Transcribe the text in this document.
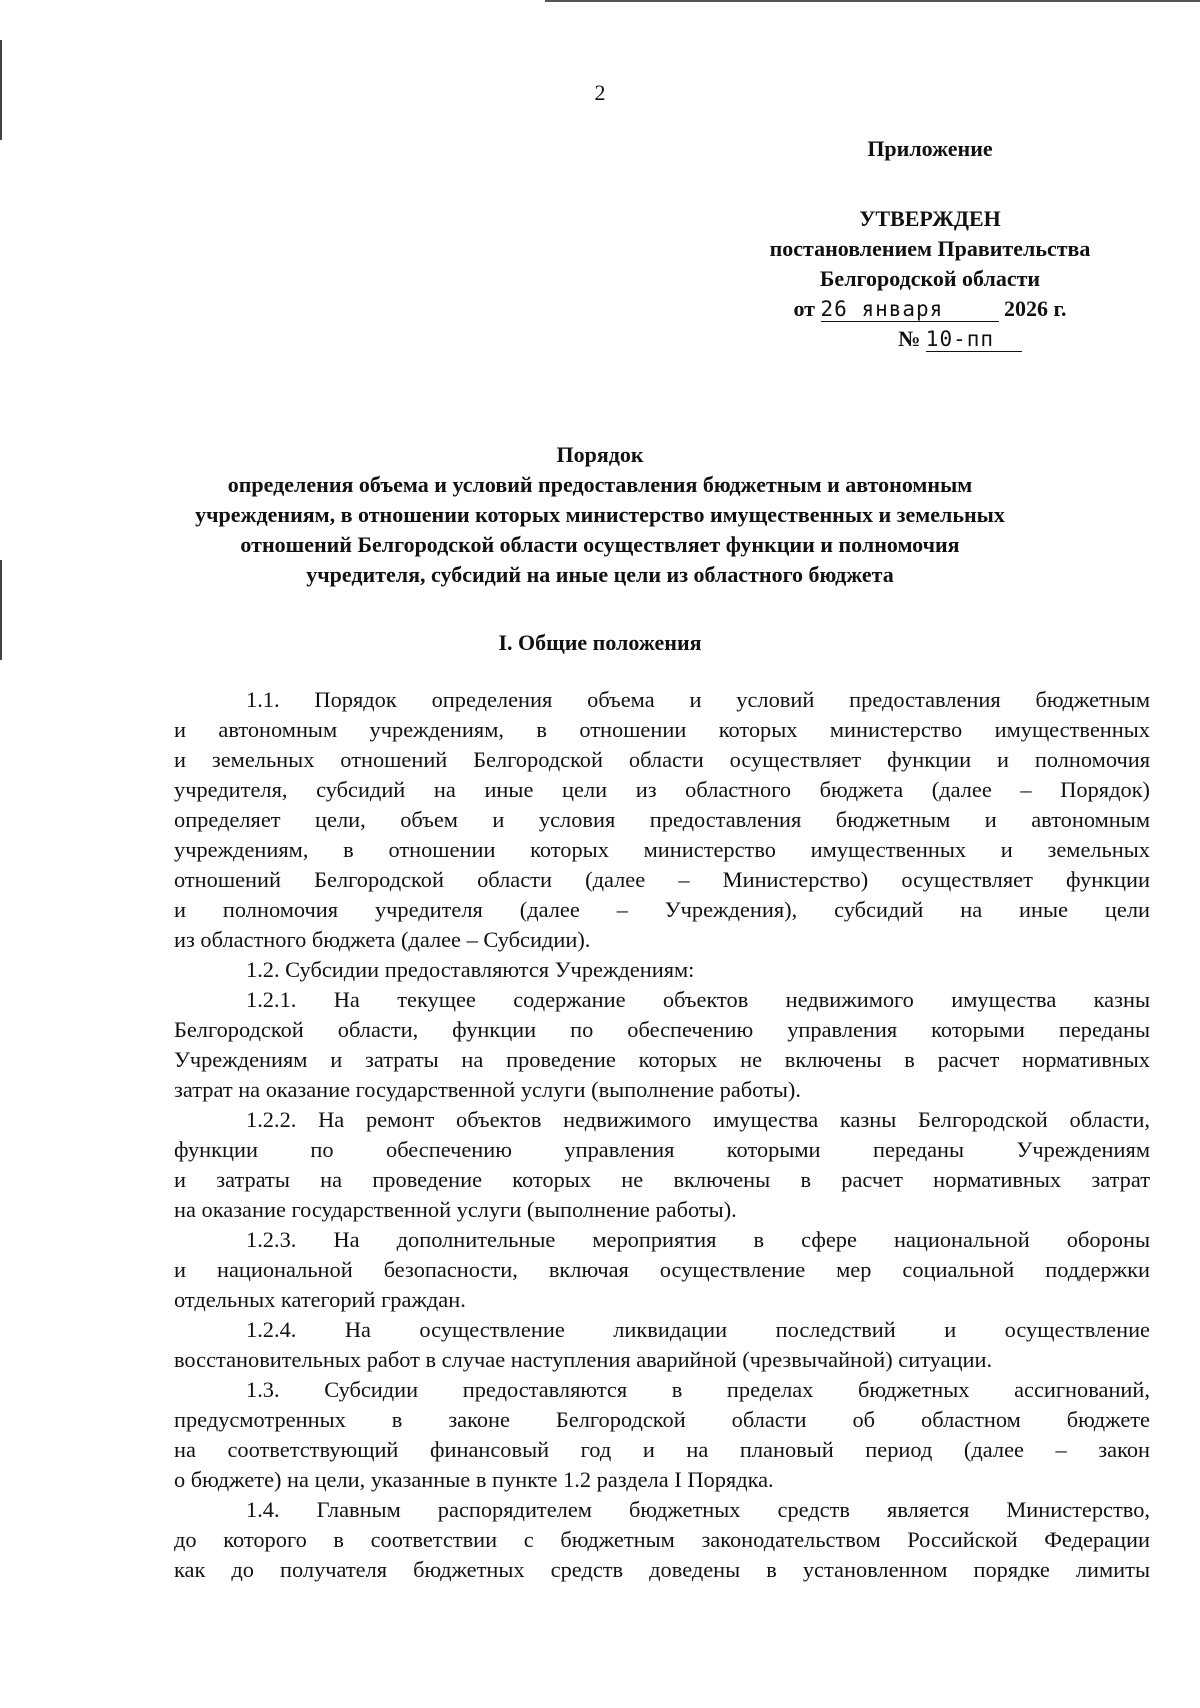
2
Приложение
УТВЕРЖДЕН
постановлением Правительства
Белгородской области
от 26 января	2026 г.
№ 10-пп
Порядок
определения объема и условий предоставления бюджетным и автономным
учреждениям, в отношении которых министерство имущественных и земельных
отношений Белгородской области осуществляет функции и полномочия
учредителя, субсидий на иные цели из областного бюджета
I. Общие положения
1.1. Порядок определения объема и условий предоставления бюджетным
и автономным учреждениям, в отношении которых министерство имущественных
и земельных отношений Белгородской области осуществляет функции и полномочия
учредителя, субсидий на иные цели из областного бюджета (далее – Порядок)
определяет цели, объем и условия предоставления бюджетным и автономным
учреждениям, в отношении которых министерство имущественных и земельных
отношений Белгородской области (далее – Министерство) осуществляет функции
и полномочия учредителя (далее – Учреждения), субсидий на иные цели
из областного бюджета (далее – Субсидии).
1.2. Субсидии предоставляются Учреждениям:
1.2.1. На текущее содержание объектов недвижимого имущества казны
Белгородской области, функции по обеспечению управления которыми переданы
Учреждениям и затраты на проведение которых не включены в расчет нормативных
затрат на оказание государственной услуги (выполнение работы).
1.2.2. На ремонт объектов недвижимого имущества казны Белгородской области,
функции по обеспечению управления которыми переданы Учреждениям
и затраты на проведение которых не включены в расчет нормативных затрат
на оказание государственной услуги (выполнение работы).
1.2.3. На дополнительные мероприятия в сфере национальной обороны
и национальной безопасности, включая осуществление мер социальной поддержки
отдельных категорий граждан.
1.2.4. На осуществление ликвидации последствий и осуществление
восстановительных работ в случае наступления аварийной (чрезвычайной) ситуации.
1.3. Субсидии предоставляются в пределах бюджетных ассигнований,
предусмотренных в законе Белгородской области об областном бюджете
на соответствующий финансовый год и на плановый период (далее – закон
о бюджете) на цели, указанные в пункте 1.2 раздела I Порядка.
1.4. Главным распорядителем бюджетных средств является Министерство,
до которого в соответствии с бюджетным законодательством Российской Федерации
как до получателя бюджетных средств доведены в установленном порядке лимиты
